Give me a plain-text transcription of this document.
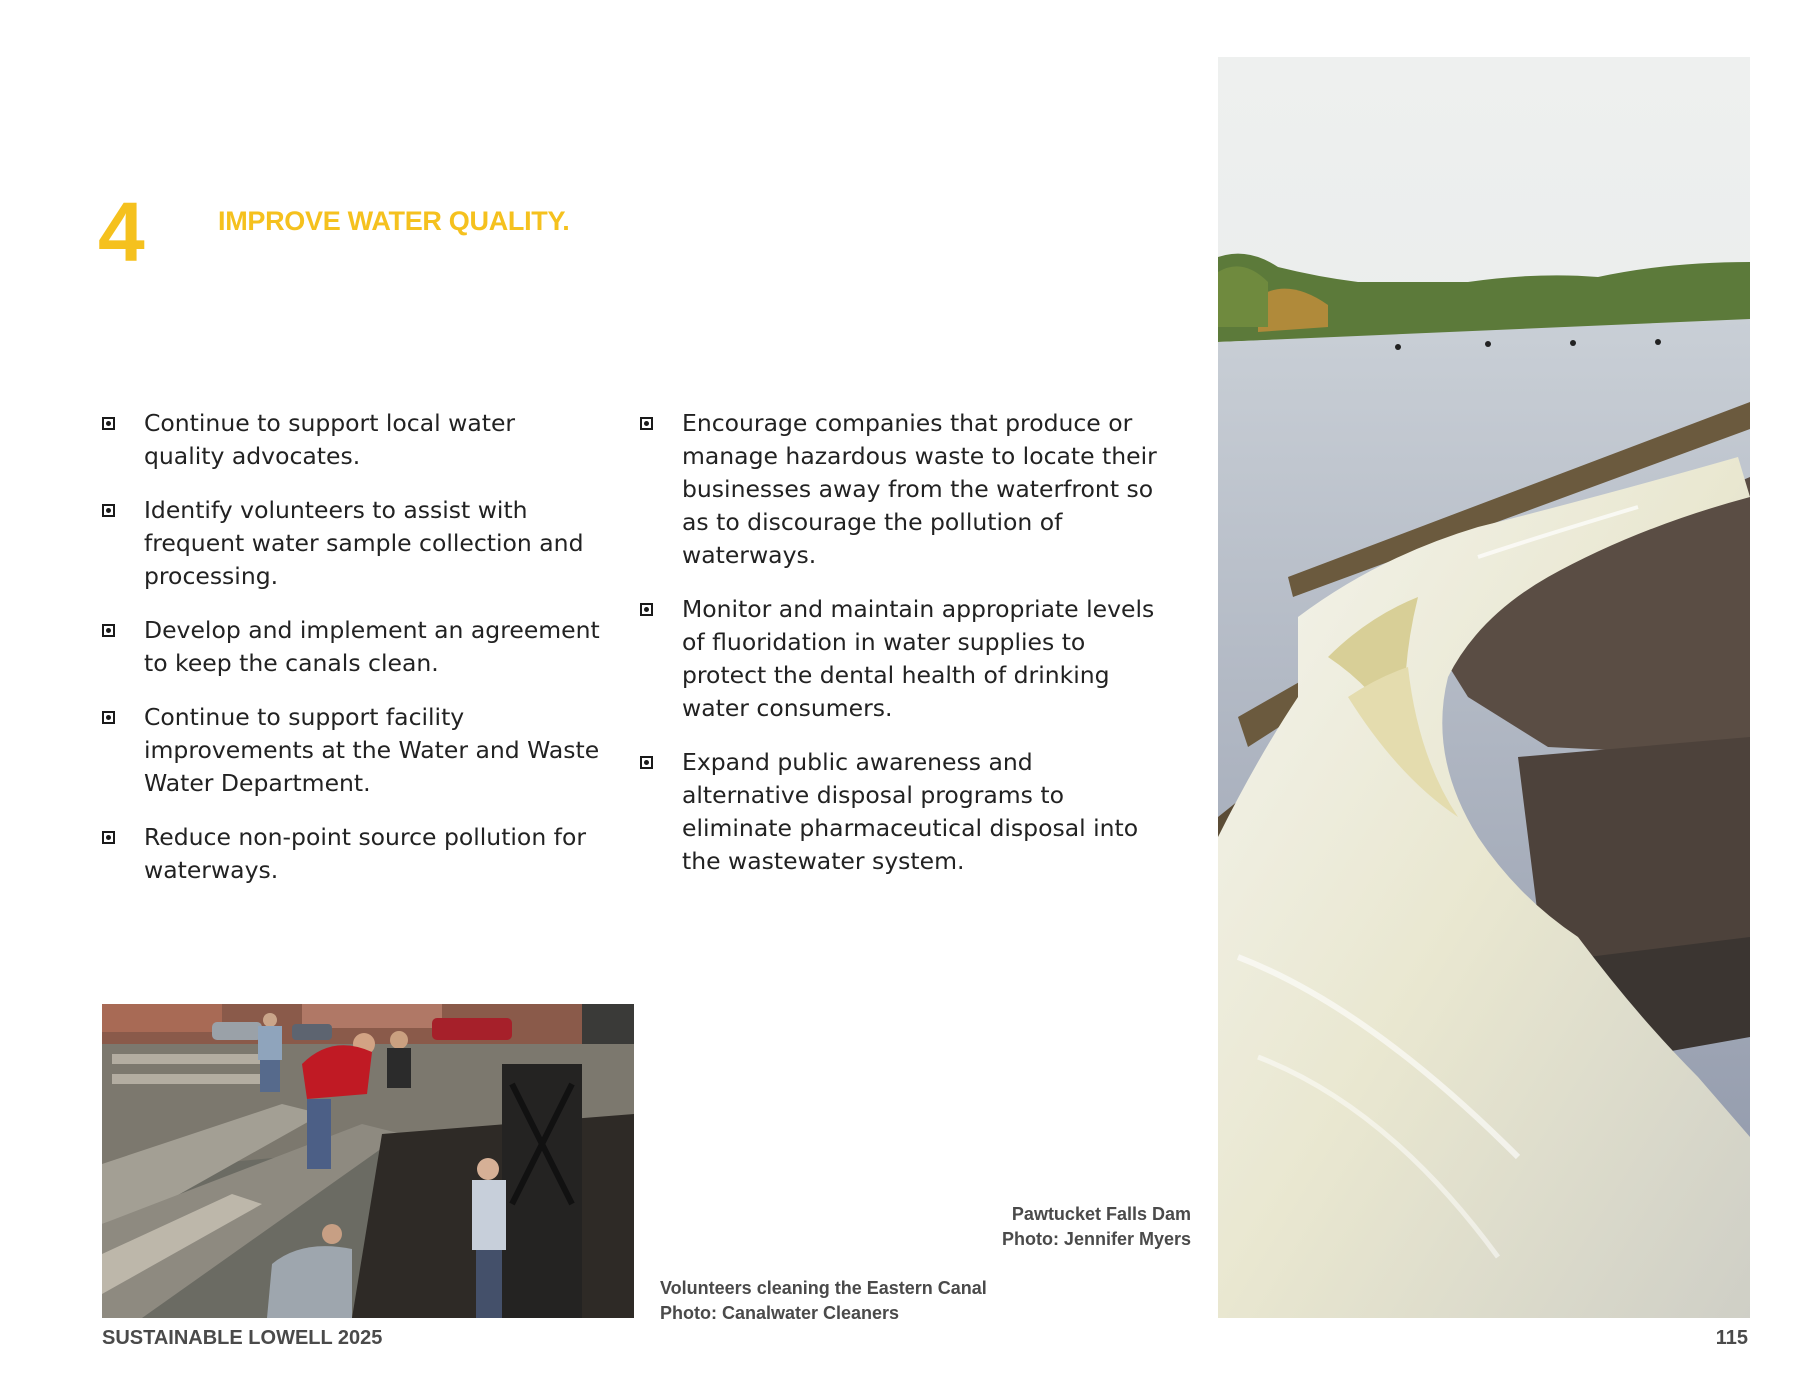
4	IMPROVE WATER QUALITY.
Continue to support local water quality advocates.
Identify volunteers to assist with frequent water sample collection and processing.
Develop and implement an agreement to keep the canals clean.
Continue to support facility improvements at the Water and Waste Water Department.
Reduce non-point source pollution for waterways.
Encourage companies that produce or manage hazardous waste to locate their businesses away from the waterfront so as to discourage the pollution of waterways.
Monitor and maintain appropriate levels of fluoridation in water supplies to protect the dental health of drinking water consumers.
Expand public awareness and alternative disposal programs to eliminate pharmaceutical disposal into the wastewater system.
Pawtucket Falls Dam
Photo: Jennifer Myers
Volunteers cleaning the Eastern Canal
Photo: Canalwater Cleaners
SUSTAINABLE LOWELL 2025	115
